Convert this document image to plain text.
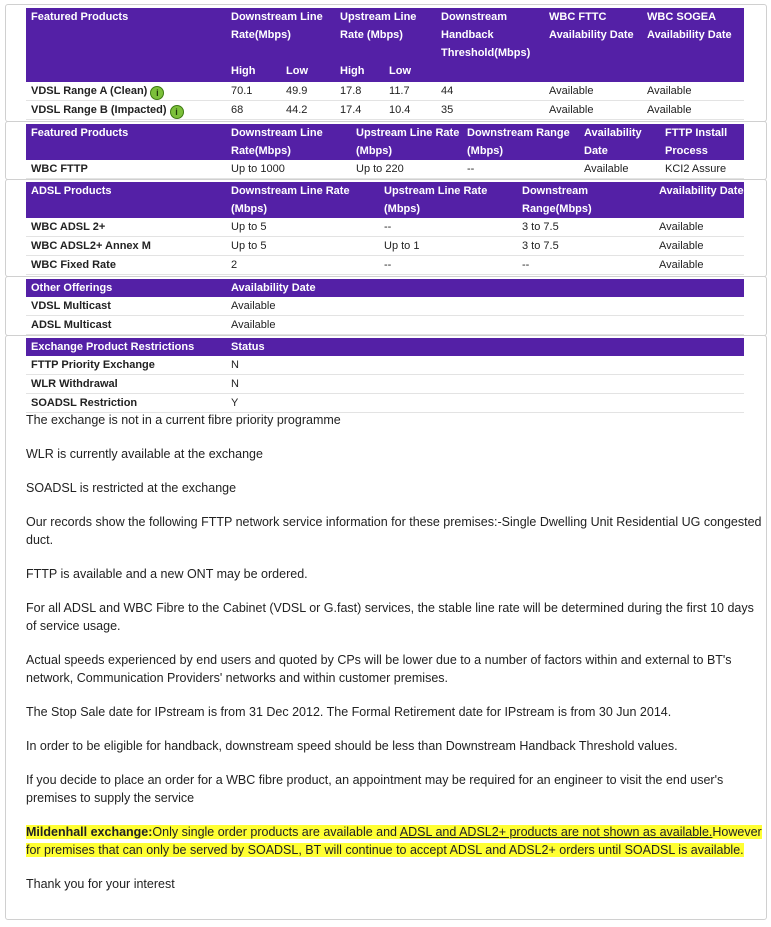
Featured Products	Downstream Line Rate(Mbps)		Upstream Line Rate (Mbps)		Downstream Handback Threshold(Mbps)	WBC FTTC Availability Date	WBC SOGEA Availability Date
	High	Low	High	Low			
VDSL Range A (Clean) i	70.1	49.9	17.8	11.7	44	Available	Available
VDSL Range B (Impacted) i	68	44.2	17.4	10.4	35	Available	Available
Featured Products	Downstream Line Rate(Mbps)	Upstream Line Rate (Mbps)	Downstream Range (Mbps)	Availability Date	FTTP Install Process
WBC FTTP	Up to 1000	Up to 220	--	Available	KCI2 Assure
ADSL Products	Downstream Line Rate (Mbps)	Upstream Line Rate (Mbps)	Downstream Range(Mbps)	Availability Date
WBC ADSL 2+	Up to 5	--	3 to 7.5	Available
WBC ADSL2+ Annex M	Up to 5	Up to 1	3 to 7.5	Available
WBC Fixed Rate	2	--	--	Available
Other Offerings	Availability Date
VDSL Multicast	Available
ADSL Multicast	Available
Exchange Product Restrictions	Status
FTTP Priority Exchange	N
WLR Withdrawal	N
SOADSL Restriction	Y

The exchange is not in a current fibre priority programme

WLR is currently available at the exchange

SOADSL is restricted at the exchange

Our records show the following FTTP network service information for these premises:-Single Dwelling Unit Residential UG congested duct.

FTTP is available and a new ONT may be ordered.

For all ADSL and WBC Fibre to the Cabinet (VDSL or G.fast) services, the stable line rate will be determined during the first 10 days of service usage.

Actual speeds experienced by end users and quoted by CPs will be lower due to a number of factors within and external to BT's network, Communication Providers' networks and within customer premises.

The Stop Sale date for IPstream is from 31 Dec 2012. The Formal Retirement date for IPstream is from 30 Jun 2014.

In order to be eligible for handback, downstream speed should be less than Downstream Handback Threshold values.

If you decide to place an order for a WBC fibre product, an appointment may be required for an engineer to visit the end user's premises to supply the service

Mildenhall exchange:Only single order products are available and ADSL and ADSL2+ products are not shown as available.However for premises that can only be served by SOADSL, BT will continue to accept ADSL and ADSL2+ orders until SOADSL is available.

Thank you for your interest
